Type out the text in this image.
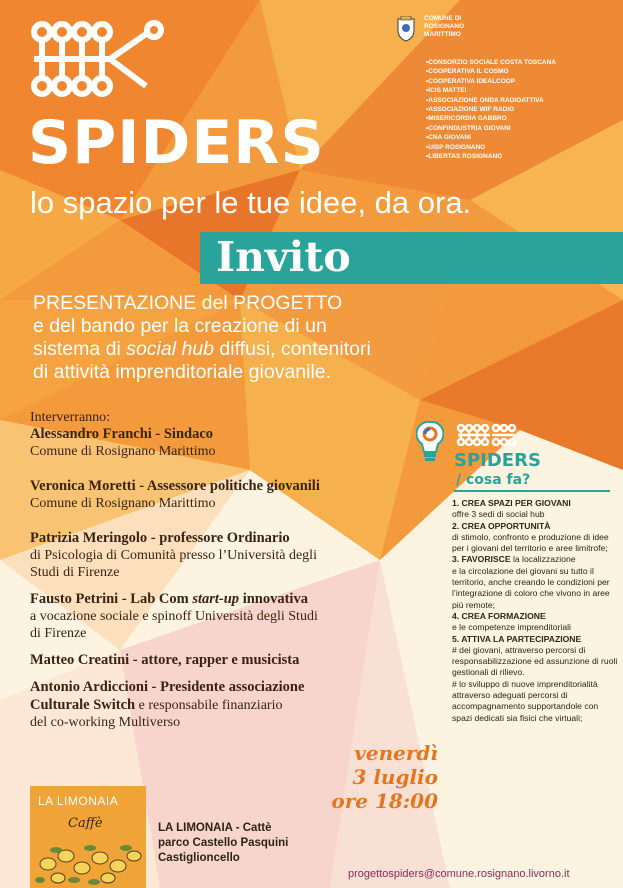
SPIDERS
lo spazio per le tue idee, da ora.
COMUNE DI
ROSIGNANO
MARITTIMO
• CONSORZIO SOCIALE COSTA TOSCANA
• COOPERATIVA IL COSMO
• COOPERATIVA IDEALCOOP
• ICIS MATTEI
• ASSOCIAZIONE ONDA RADIOATTIVA
• ASSOCIAZIONE WIF RADIO
• MISERICORDIA GABBRO
• CONFINDUSTRIA GIOVANI
• CNA GIOVANI
• UISP ROSIGNANO
• LIBERTAS ROSIGNANO
Invito
PRESENTAZIONE del PROGETTO
e del bando per la creazione di un
sistema di social hub diffusi, contenitori
di attività imprenditoriale giovanile.
Interverranno:
Alessandro Franchi - Sindaco
Comune di Rosignano Marittimo
Veronica Moretti - Assessore politiche giovanili
Comune di Rosignano Marittimo
Patrizia Meringolo - professore Ordinario
di Psicologia di Comunità presso l’Università degli
Studi di Firenze
Fausto Petrini - Lab Com start-up innovativa
a vocazione sociale e spinoff Università degli Studi
di Firenze
Matteo Creatini - attore, rapper e musicista
Antonio Ardiccioni - Presidente associazione
Culturale Switch e responsabile finanziario
del co-working Multiverso
SPIDERS
/ cosa fa?
1. CREA SPAZI PER GIOVANI
offre 3 sedi di social hub
2. CREA OPPORTUNITÀ
di stimolo, confronto e produzione di idee per i giovani del territorio e aree limitrofe;
3. FAVORISCE la localizzazione
e la circolazione dei giovani su tutto il territorio, anche creando le condizioni per l’integrazione di coloro che vivono in aree più remote;
4. CREA FORMAZIONE
e le competenze imprenditoriali
5. ATTIVA LA PARTECIPAZIONE
# dei giovani, attraverso percorsi di responsabilizzazione ed assunzione di ruoli gestionali di rilievo.
# lo sviluppo di nuove imprenditorialità attraverso adeguati percorsi di accompagnamento supportandole con spazi dedicati sia fisici che virtuali;
venerdì
3 luglio
ore 18:00
LA LIMONAIA
Caffè	LA LIMONAIA - Cattè
parco Castello Pasquini
Castiglioncello
progettospiders@comune.rosignano.livorno.it
